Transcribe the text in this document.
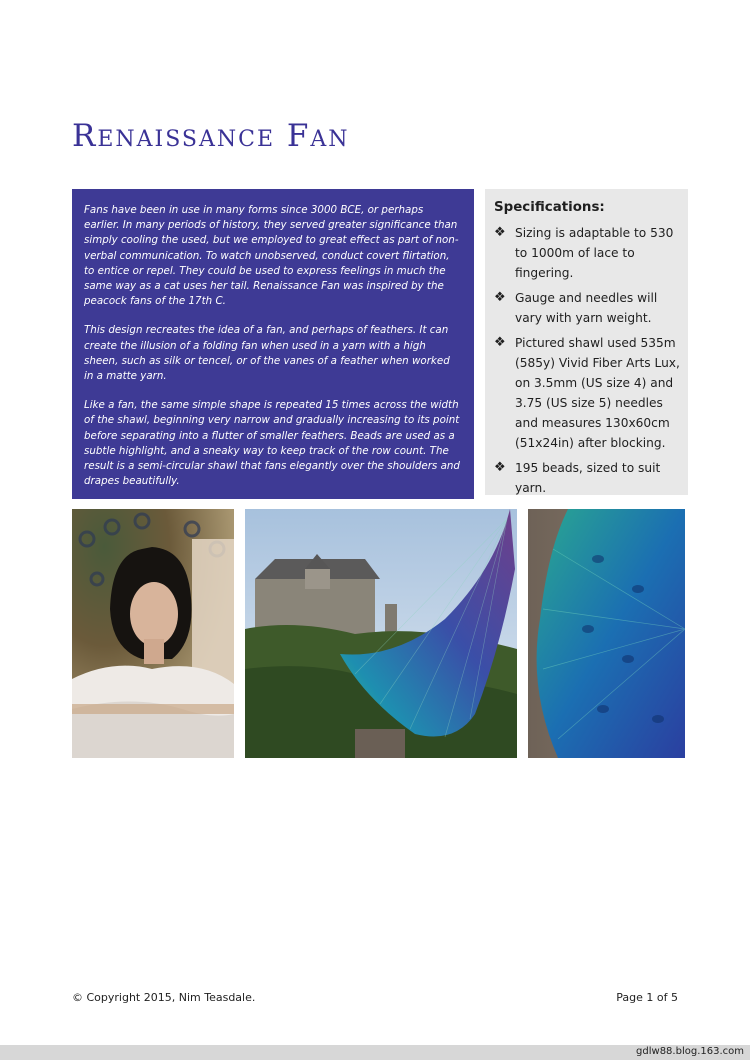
Renaissance Fan

Fans have been in use in many forms since 3000 BCE, or perhaps earlier. In many periods of history, they served greater significance than simply cooling the used, but we employed to great effect as part of non-verbal communication. To watch unobserved, conduct covert flirtation, to entice or repel. They could be used to express feelings in much the same way as a cat uses her tail. Renaissance Fan was inspired by the peacock fans of the 17th C.

This design recreates the idea of a fan, and perhaps of feathers. It can create the illusion of a folding fan when used in a yarn with a high sheen, such as silk or tencel, or of the vanes of a feather when worked in a matte yarn.

Like a fan, the same simple shape is repeated 15 times across the width of the shawl, beginning very narrow and gradually increasing to its point before separating into a flutter of smaller feathers. Beads are used as a subtle highlight, and a sneaky way to keep track of the row count. The result is a semi-circular shawl that fans elegantly over the shoulders and drapes beautifully.

Specifications:
❖ Sizing is adaptable to 530 to 1000m of lace to fingering.
❖ Gauge and needles will vary with yarn weight.
❖ Pictured shawl used 535m (585y) Vivid Fiber Arts Lux, on 3.5mm (US size 4) and 3.75 (US size 5) needles and measures 130x60cm (51x24in) after blocking.
❖ 195 beads, sized to suit yarn.
© Copyright 2015, Nim Teasdale.	Page 1 of 5
gdlw88.blog.163.com
